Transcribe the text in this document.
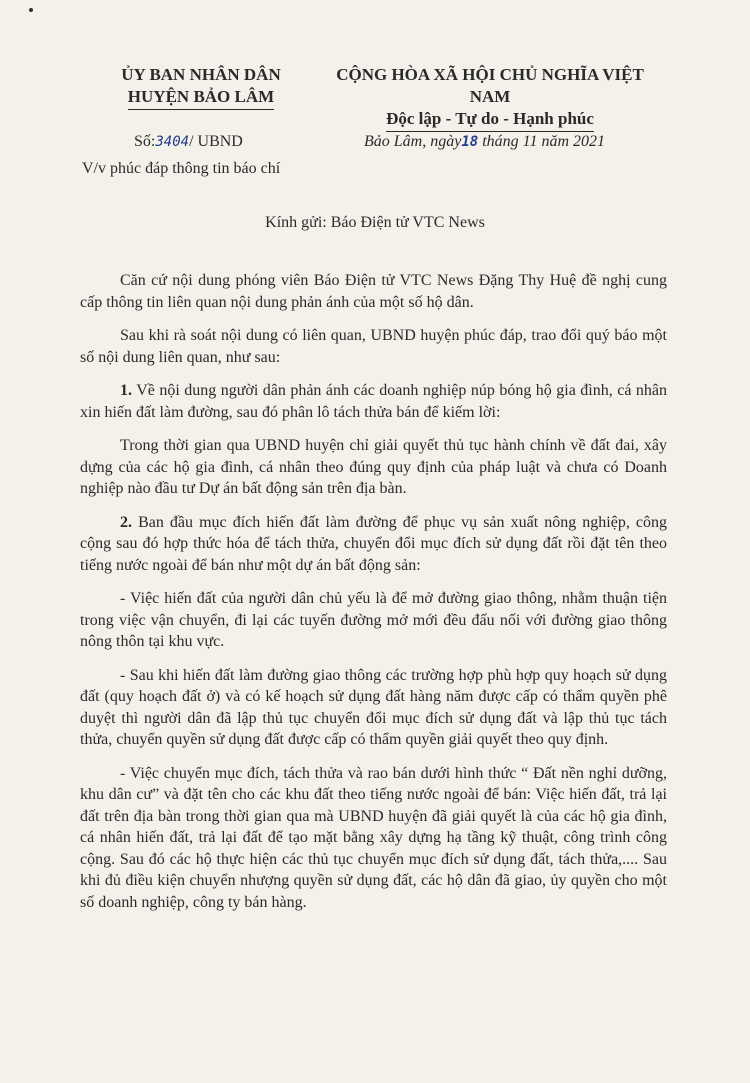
ỦY BAN NHÂN DÂN
HUYỆN BẢO LÂM
CỘNG HÒA XÃ HỘI CHỦ NGHĨA VIỆT NAM
Độc lập - Tự do - Hạnh phúc
Số:3404/ UBND
V/v phúc đáp thông tin báo chí
Bảo Lâm, ngày18 tháng 11 năm 2021
Kính gửi: Báo Điện tử VTC News

Căn cứ nội dung phóng viên Báo Điện tử VTC News Đặng Thy Huệ đề nghị cung cấp thông tin liên quan nội dung phản ánh của một số hộ dân.

Sau khi rà soát nội dung có liên quan, UBND huyện phúc đáp, trao đổi quý báo một số nội dung liên quan, như sau:

1. Về nội dung người dân phản ánh các doanh nghiệp núp bóng hộ gia đình, cá nhân xin hiến đất làm đường, sau đó phân lô tách thửa bán để kiếm lời:

Trong thời gian qua UBND huyện chỉ giải quyết thủ tục hành chính về đất đai, xây dựng của các hộ gia đình, cá nhân theo đúng quy định của pháp luật và chưa có Doanh nghiệp nào đầu tư Dự án bất động sản trên địa bàn.

2. Ban đầu mục đích hiến đất làm đường để phục vụ sản xuất nông nghiệp, công cộng sau đó hợp thức hóa để tách thửa, chuyển đổi mục đích sử dụng đất rồi đặt tên theo tiếng nước ngoài để bán như một dự án bất động sản:

- Việc hiến đất của người dân chủ yếu là để mở đường giao thông, nhằm thuận tiện trong việc vận chuyển, đi lại các tuyến đường mở mới đều đấu nối với đường giao thông nông thôn tại khu vực.

- Sau khi hiến đất làm đường giao thông các trường hợp phù hợp quy hoạch sử dụng đất (quy hoạch đất ở) và có kế hoạch sử dụng đất hàng năm được cấp có thẩm quyền phê duyệt thì người dân đã lập thủ tục chuyển đổi mục đích sử dụng đất và lập thủ tục tách thửa, chuyển quyền sử dụng đất được cấp có thẩm quyền giải quyết theo quy định.

- Việc chuyển mục đích, tách thửa và rao bán dưới hình thức “ Đất nền nghỉ dưỡng, khu dân cư” và đặt tên cho các khu đất theo tiếng nước ngoài để bán: Việc hiến đất, trả lại đất trên địa bàn trong thời gian qua mà UBND huyện đã giải quyết là của các hộ gia đình, cá nhân hiến đất, trả lại đất để tạo mặt bằng xây dựng hạ tầng kỹ thuật, công trình công cộng. Sau đó các hộ thực hiện các thủ tục chuyển mục đích sử dụng đất, tách thửa,.... Sau khi đủ điều kiện chuyển nhượng quyền sử dụng đất, các hộ dân đã giao, ủy quyền cho một số doanh nghiệp, công ty bán hàng.
